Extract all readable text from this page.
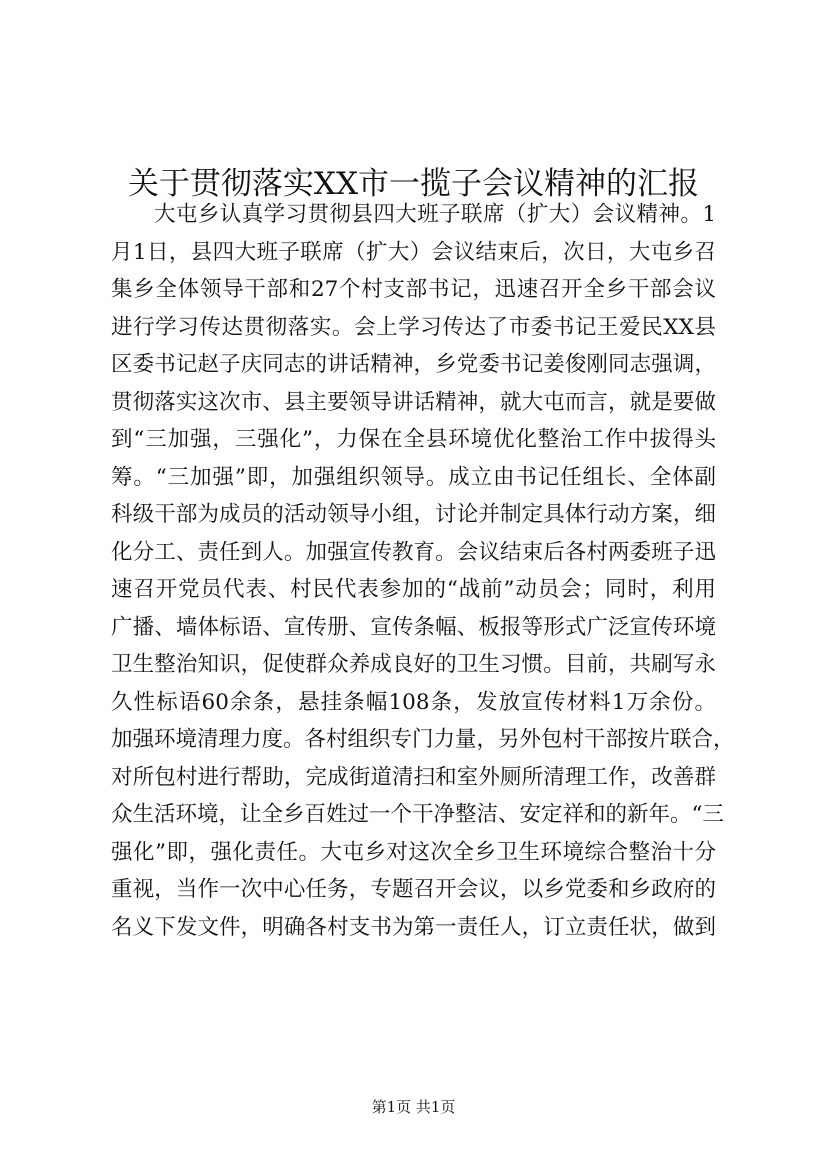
关于贯彻落实XX市一揽子会议精神的汇报
大屯乡认真学习贯彻县四大班子联席（扩大）会议精神。1
月1日，县四大班子联席（扩大）会议结束后，次日，大屯乡召
集乡全体领导干部和27个村支部书记，迅速召开全乡干部会议
进行学习传达贯彻落实。会上学习传达了市委书记王爱民XX县
区委书记赵子庆同志的讲话精神，乡党委书记姜俊刚同志强调，
贯彻落实这次市、县主要领导讲话精神，就大屯而言，就是要做
到“三加强，三强化”，力保在全县环境优化整治工作中拔得头
筹。“三加强”即，加强组织领导。成立由书记任组长、全体副
科级干部为成员的活动领导小组，讨论并制定具体行动方案，细
化分工、责任到人。加强宣传教育。会议结束后各村两委班子迅
速召开党员代表、村民代表参加的“战前”动员会；同时，利用
广播、墙体标语、宣传册、宣传条幅、板报等形式广泛宣传环境
卫生整治知识，促使群众养成良好的卫生习惯。目前，共刷写永
久性标语60余条，悬挂条幅108条，发放宣传材料1万余份。
加强环境清理力度。各村组织专门力量，另外包村干部按片联合，
对所包村进行帮助，完成街道清扫和室外厕所清理工作，改善群
众生活环境，让全乡百姓过一个干净整洁、安定祥和的新年。“三
强化”即，强化责任。大屯乡对这次全乡卫生环境综合整治十分
重视，当作一次中心任务，专题召开会议，以乡党委和乡政府的
名义下发文件，明确各村支书为第一责任人，订立责任状，做到
第1页 共1页
